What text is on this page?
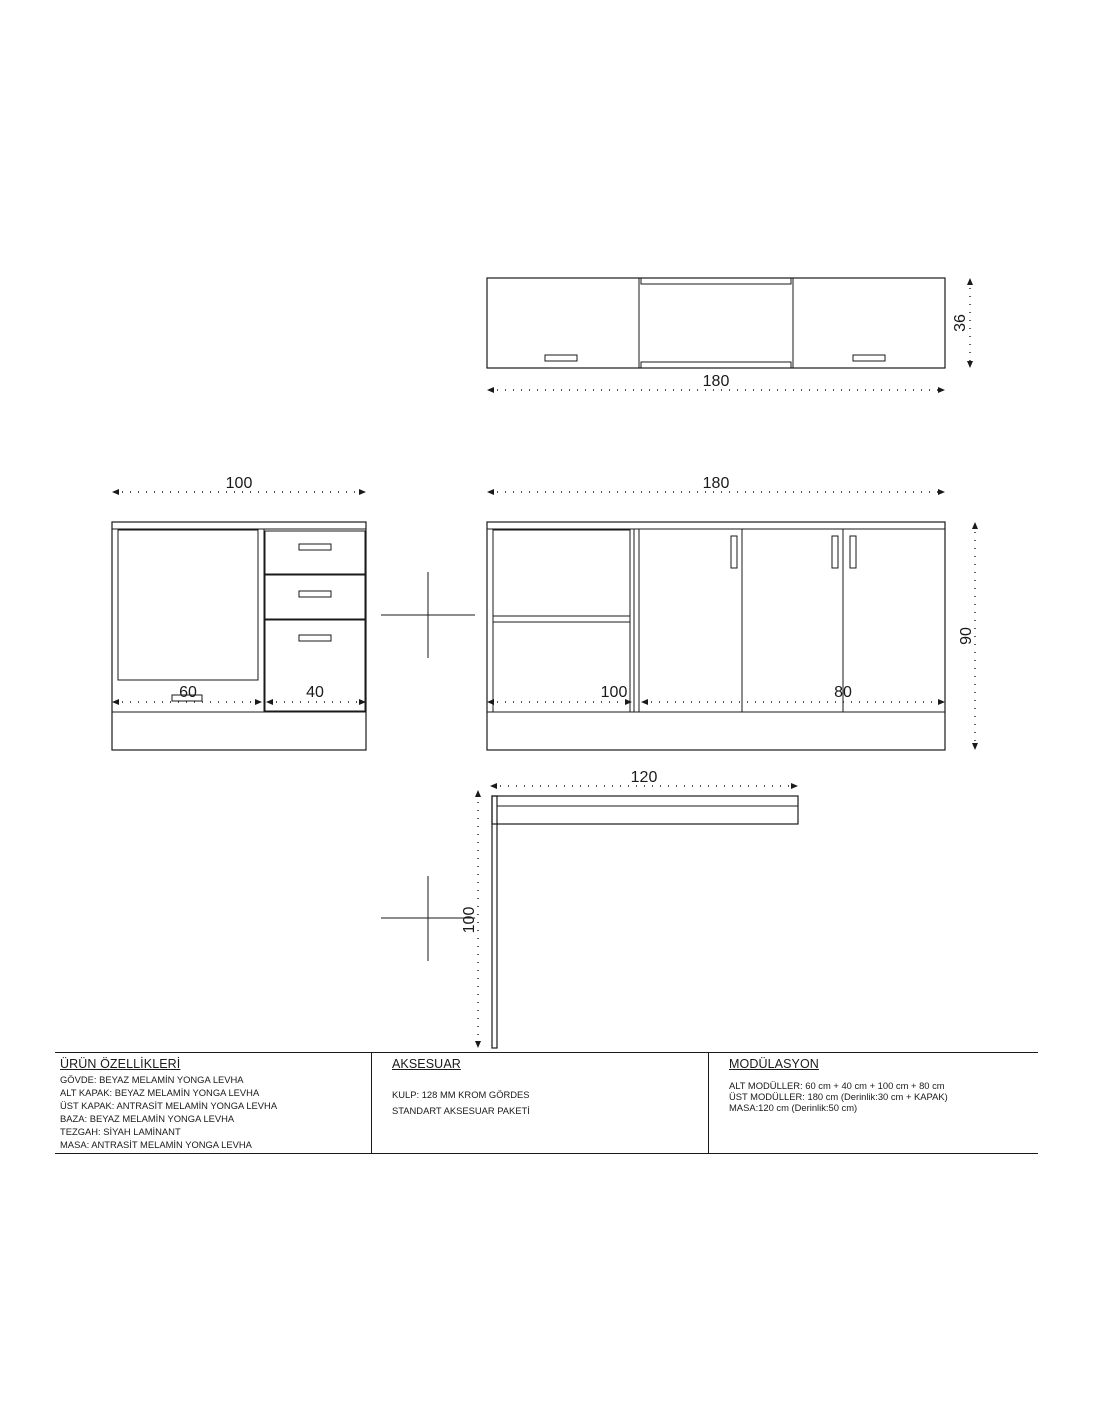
180
36
100
60	40
180
100	80
90
120
100
ÜRÜN ÖZELLİKLERİ
GÖVDE: BEYAZ MELAMİN YONGA LEVHA
ALT KAPAK: BEYAZ MELAMİN YONGA LEVHA
ÜST KAPAK: ANTRASİT MELAMİN YONGA LEVHA
BAZA: BEYAZ MELAMİN YONGA LEVHA
TEZGAH: SİYAH LAMİNANT
MASA: ANTRASİT MELAMİN YONGA LEVHA
AKSESUAR
KULP: 128 MM KROM GÖRDES
STANDART AKSESUAR PAKETİ
MODÜLASYON
ALT MODÜLLER: 60 cm + 40 cm + 100 cm + 80 cm
ÜST MODÜLLER: 180 cm (Derinlik:30 cm + KAPAK)
MASA:120 cm (Derinlik:50 cm)
